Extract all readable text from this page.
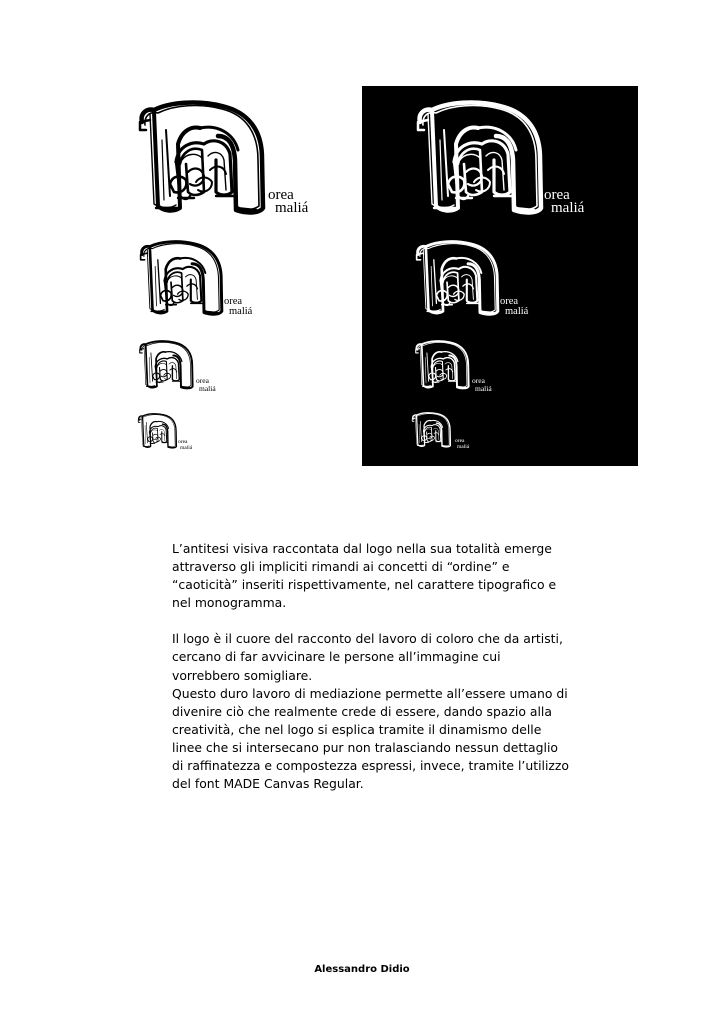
orea
maliá
orea
maliá
orea
maliá
orea
maliá
orea
maliá
orea
maliá
orea
maliá
orea
maliá

L’antitesi visiva raccontata dal logo nella sua totalità emerge attraverso gli impliciti rimandi ai concetti di “ordine” e “caoticità” inseriti rispettivamente, nel carattere tipografico e nel monogramma.

Il logo è il cuore del racconto del lavoro di coloro che da artisti, cercano di far avvicinare le persone all’immagine cui vorrebbero somigliare.

Questo duro lavoro di mediazione permette all’essere umano di divenire ciò che realmente crede di essere, dando spazio alla creatività, che nel logo si esplica tramite il dinamismo delle linee che si intersecano pur non tralasciando nessun dettaglio di raffinatezza e compostezza espressi, invece, tramite l’utilizzo del font MADE Canvas Regular.

Alessandro Didio
